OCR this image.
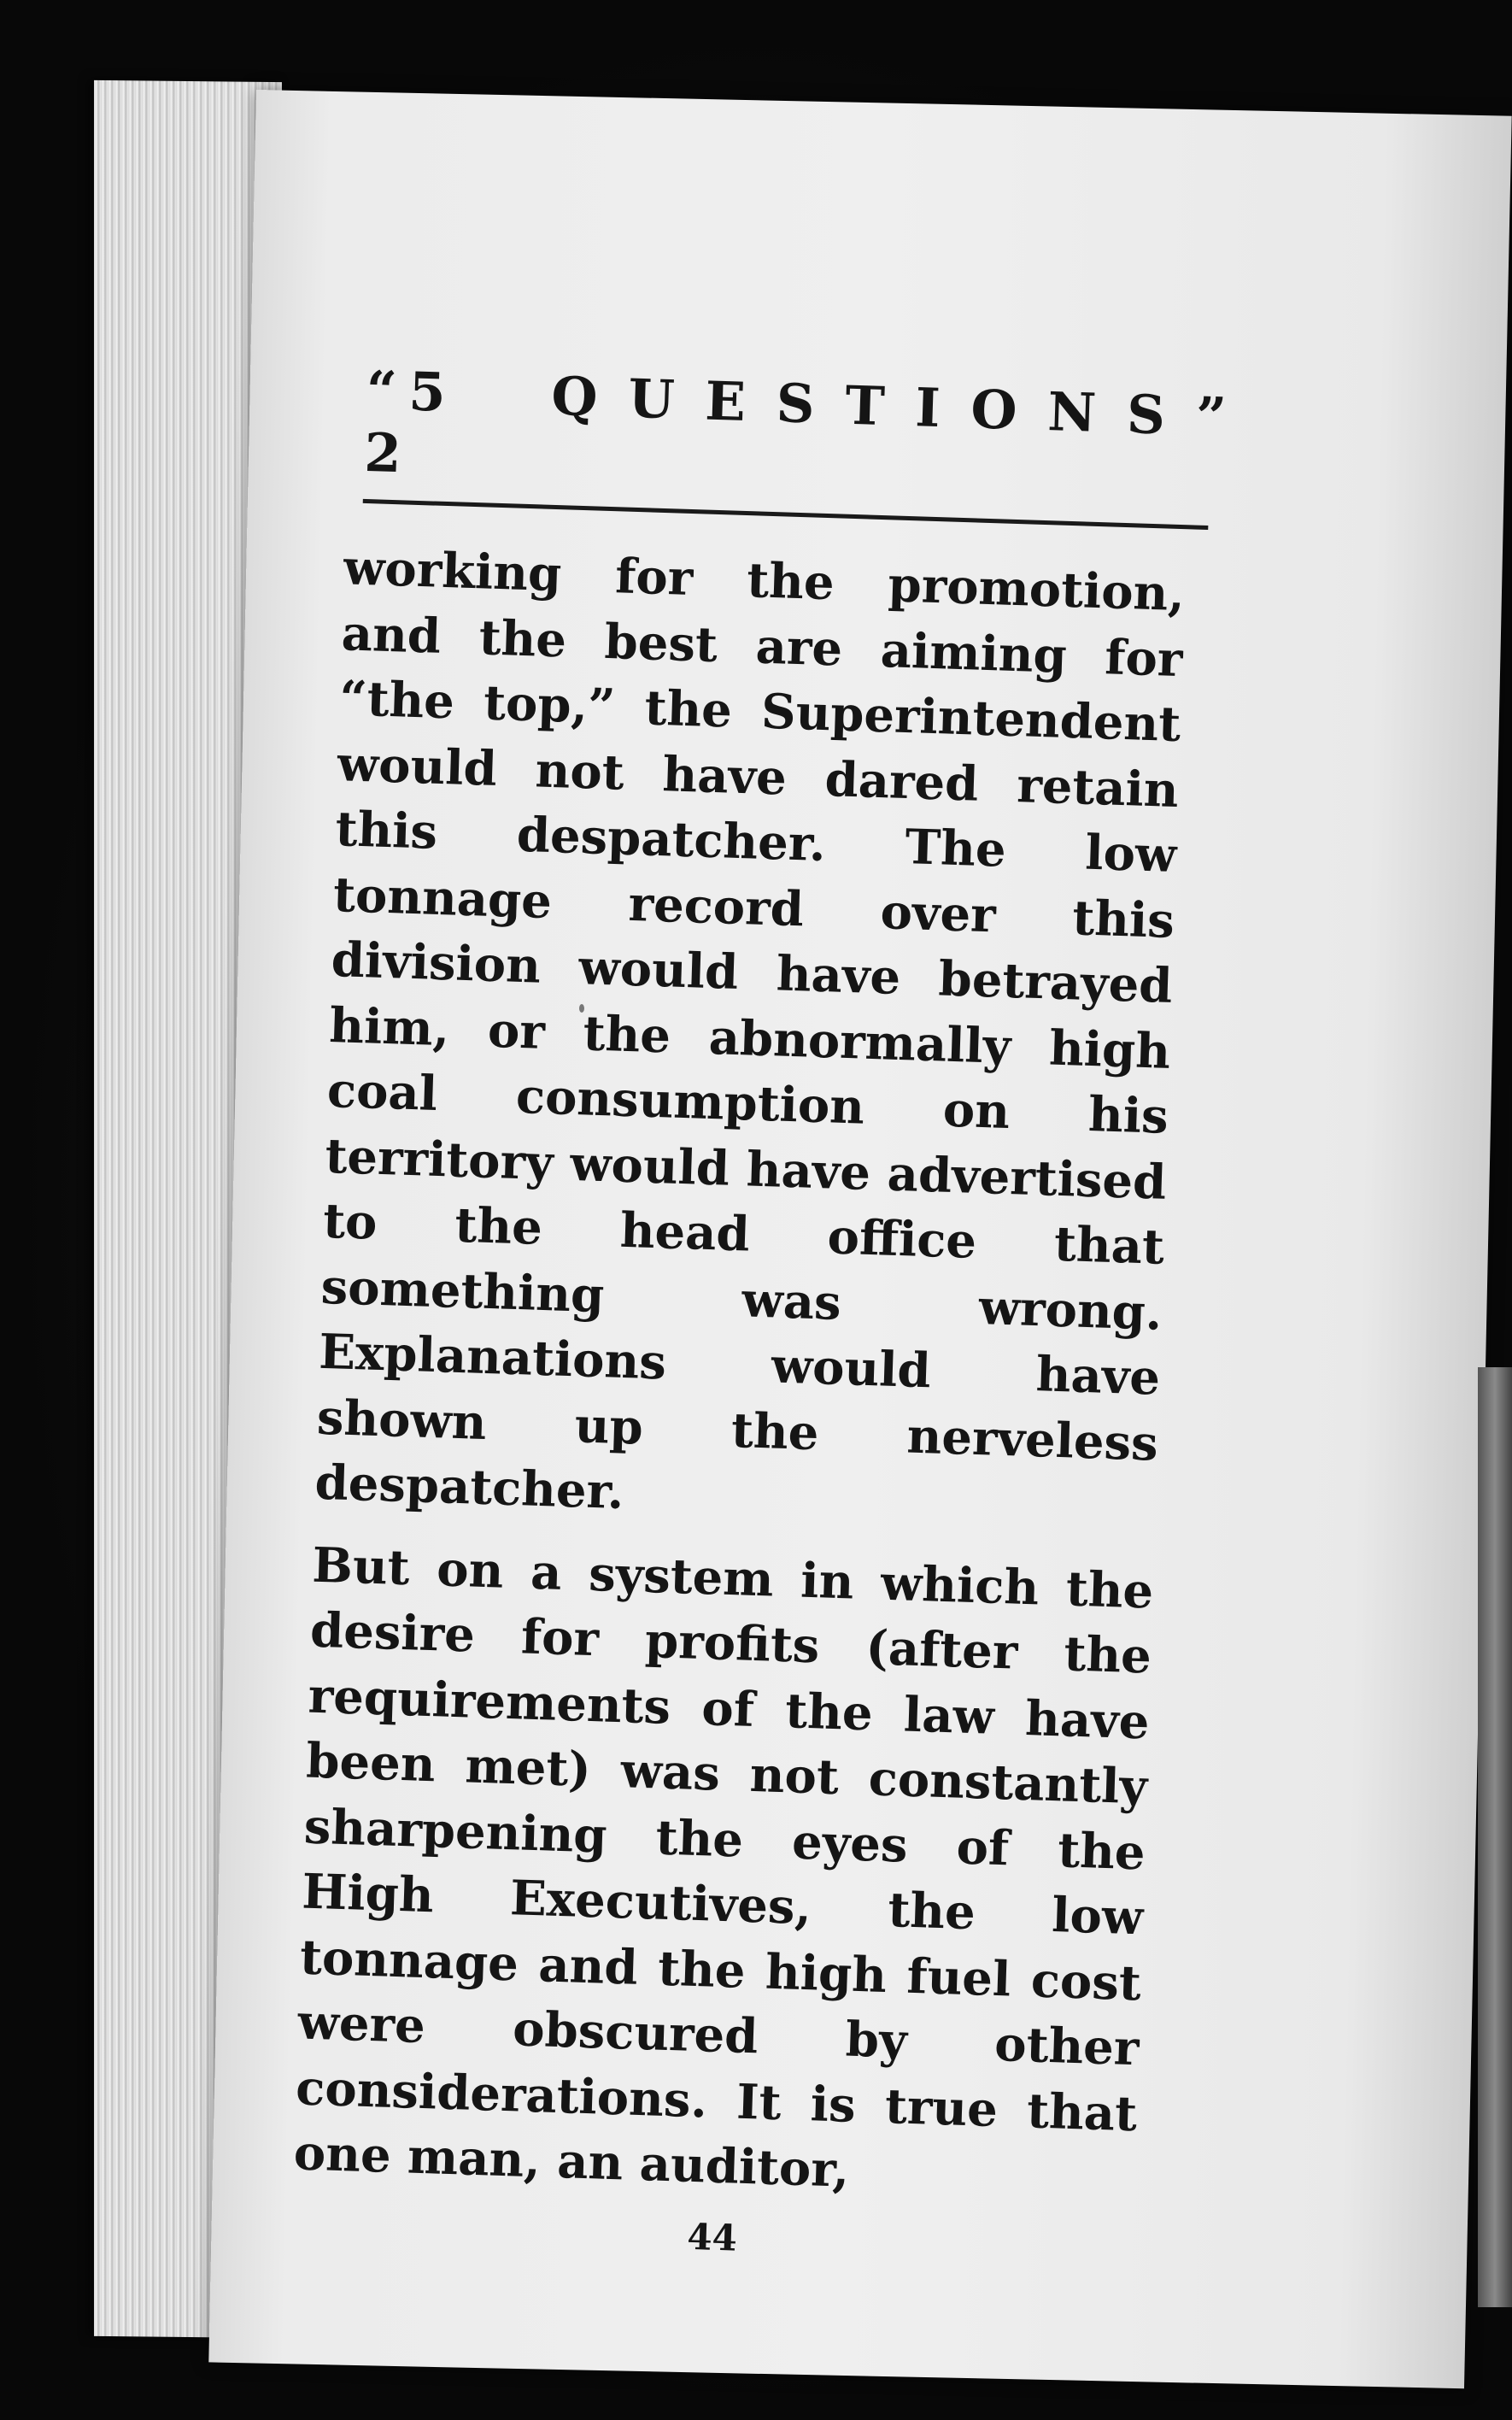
“5 2
QUESTIONS”

working for the promotion, and the best are aiming for “the top,” the Superintendent would not have dared retain this despatcher. The low tonnage record over this division would have betrayed him, or the abnormally high coal consumption on his territory would have advertised to the head office that something was wrong. Explanations would have shown up the nerveless despatcher.

But on a system in which the desire for profits (after the requirements of the law have been met) was not constantly sharpening the eyes of the High Executives, the low tonnage and the high fuel cost were obscured by other considerations. It is true that one man, an auditor,

44
